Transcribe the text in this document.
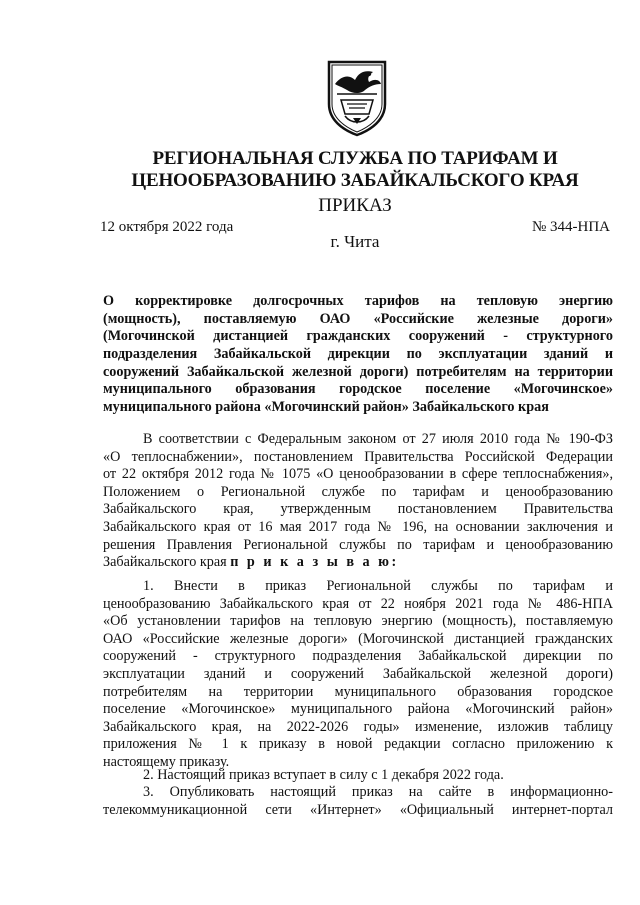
РЕГИОНАЛЬНАЯ СЛУЖБА ПО ТАРИФАМ И
ЦЕНООБРАЗОВАНИЮ ЗАБАЙКАЛЬСКОГО КРАЯ
ПРИКАЗ
12 октября 2022 года	№ 344-НПА
г. Чита
О корректировке долгосрочных тарифов на тепловую энергию
(мощность), поставляемую ОАО «Российские железные дороги»
(Могочинской дистанцией гражданских сооружений - структурного
подразделения Забайкальской дирекции по эксплуатации зданий и
сооружений Забайкальской железной дороги) потребителям на территории
муниципального образования городское поселение «Могочинское»
муниципального района «Могочинский район» Забайкальского края
В соответствии с Федеральным законом от 27 июля 2010 года № 190-ФЗ
«О теплоснабжении», постановлением Правительства Российской Федерации
от 22 октября 2012 года № 1075 «О ценообразовании в сфере теплоснабжения»,
Положением о Региональной службе по тарифам и ценообразованию
Забайкальского края, утвержденным постановлением Правительства
Забайкальского края от 16 мая 2017 года № 196, на основании заключения и
решения Правления Региональной службы по тарифам и ценообразованию
Забайкальского края п р и к а з ы в а ю:
1. Внести в приказ Региональной службы по тарифам и
ценообразованию Забайкальского края от 22 ноября 2021 года № 486-НПА
«Об установлении тарифов на тепловую энергию (мощность), поставляемую
ОАО «Российские железные дороги» (Могочинской дистанцией гражданских
сооружений - структурного подразделения Забайкальской дирекции по
эксплуатации зданий и сооружений Забайкальской железной дороги)
потребителям на территории муниципального образования городское
поселение «Могочинское» муниципального района «Могочинский район»
Забайкальского края, на 2022-2026 годы» изменение, изложив таблицу
приложения № 1 к приказу в новой редакции согласно приложению к
настоящему приказу.
2. Настоящий приказ вступает в силу с 1 декабря 2022 года.
3. Опубликовать настоящий приказ на сайте в информационно-
телекоммуникационной сети «Интернет» «Официальный интернет-портал
